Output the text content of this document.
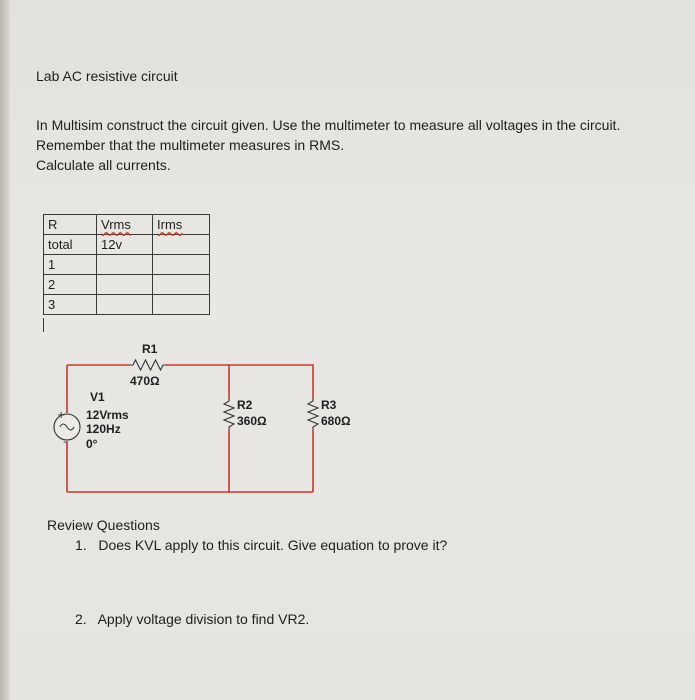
Lab AC resistive circuit
In Multisim construct the circuit given. Use the multimeter to measure all voltages in the circuit.
Remember that the multimeter measures in RMS.
Calculate all currents.
R	Vrms	Irms
total	12v	
1		
2		
3		
+
-
R1
470Ω
V1
12Vrms
120Hz
0°
R2
360Ω
R3
680Ω
Review Questions
1. Does KVL apply to this circuit. Give equation to prove it?
2. Apply voltage division to find VR2.
